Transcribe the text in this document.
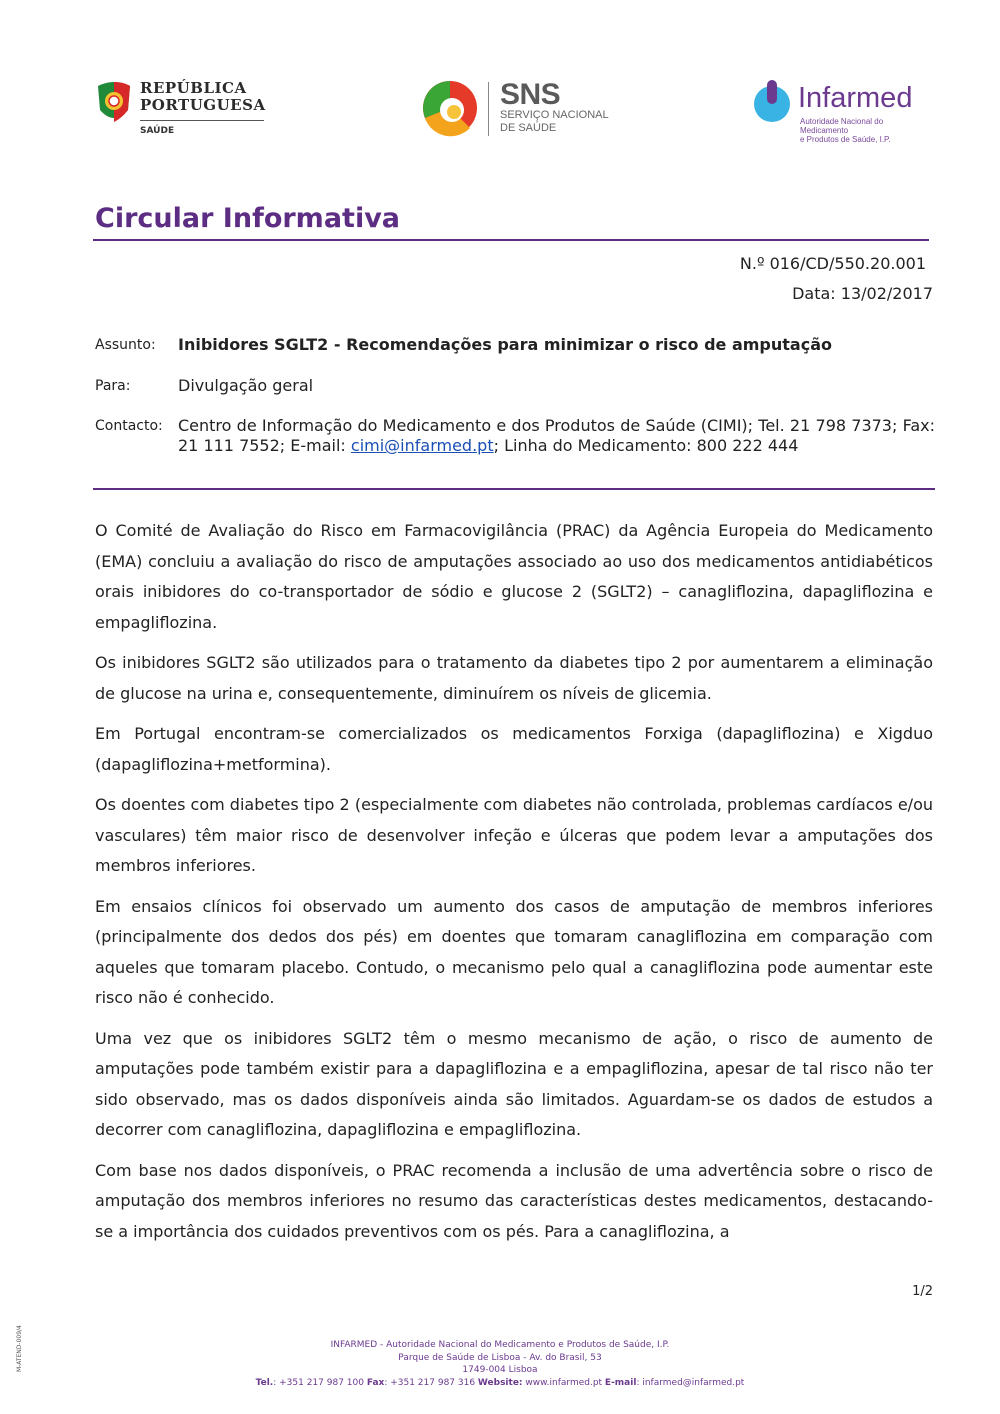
REPÚBLICA
PORTUGUESA
SAÚDE
SNS
SERVIÇO NACIONAL
DE SAÚDE
Infarmed
Autoridade Nacional do Medicamento
e Produtos de Saúde, I.P.
Circular Informativa
N.º 016/CD/550.20.001
Data: 13/02/2017
Assunto: Inibidores SGLT2 - Recomendações para minimizar o risco de amputação
Para:	Divulgação geral
Contacto: Centro de Informação do Medicamento e dos Produtos de Saúde (CIMI); Tel. 21 798 7373; Fax: 21 111 7552; E-mail: cimi@infarmed.pt; Linha do Medicamento: 800 222 444

O Comité de Avaliação do Risco em Farmacovigilância (PRAC) da Agência Europeia do Medicamento (EMA) concluiu a avaliação do risco de amputações associado ao uso dos medicamentos antidiabéticos orais inibidores do co-transportador de sódio e glucose 2 (SGLT2) – canagliflozina, dapagliflozina e empagliflozina.

Os inibidores SGLT2 são utilizados para o tratamento da diabetes tipo 2 por aumentarem a eliminação de glucose na urina e, consequentemente, diminuírem os níveis de glicemia.

Em Portugal encontram-se comercializados os medicamentos Forxiga (dapagliflozina) e Xigduo (dapagliflozina+metformina).

Os doentes com diabetes tipo 2 (especialmente com diabetes não controlada, problemas cardíacos e/ou vasculares) têm maior risco de desenvolver infeção e úlceras que podem levar a amputações dos membros inferiores.

Em ensaios clínicos foi observado um aumento dos casos de amputação de membros inferiores (principalmente dos dedos dos pés) em doentes que tomaram canagliflozina em comparação com aqueles que tomaram placebo. Contudo, o mecanismo pelo qual a canagliflozina pode aumentar este risco não é conhecido.

Uma vez que os inibidores SGLT2 têm o mesmo mecanismo de ação, o risco de aumento de amputações pode também existir para a dapagliflozina e a empagliflozina, apesar de tal risco não ter sido observado, mas os dados disponíveis ainda são limitados. Aguardam-se os dados de estudos a decorrer com canagliflozina, dapagliflozina e empagliflozina.

Com base nos dados disponíveis, o PRAC recomenda a inclusão de uma advertência sobre o risco de amputação dos membros inferiores no resumo das características destes medicamentos, destacando-se a importância dos cuidados preventivos com os pés. Para a canagliflozina, a

1/2
M-ATEND-009/4	INFARMED - Autoridade Nacional do Medicamento e Produtos de Saúde, I.P.
Parque de Saúde de Lisboa - Av. do Brasil, 53
1749-004 Lisboa
Tel.: +351 217 987 100 Fax: +351 217 987 316 Website: www.infarmed.pt E-mail: infarmed@infarmed.pt
